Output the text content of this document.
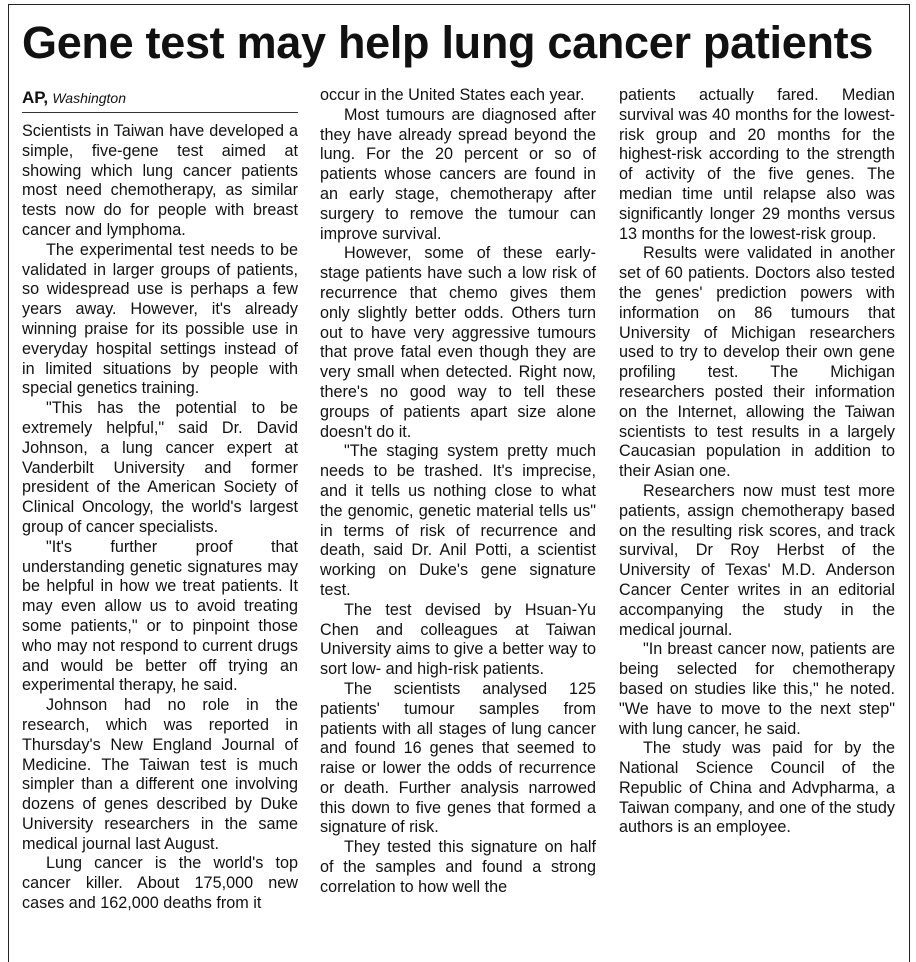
Gene test may help lung cancer patients
AP, Washington

Scientists in Taiwan have developed a simple, five-gene test aimed at showing which lung cancer patients most need chemotherapy, as similar tests now do for people with breast cancer and lymphoma.

The experimental test needs to be validated in larger groups of patients, so widespread use is perhaps a few years away. However, it's already winning praise for its possible use in everyday hospital settings instead of in limited situations by people with special genetics training.

"This has the potential to be extremely helpful," said Dr. David Johnson, a lung cancer expert at Vanderbilt University and former president of the American Society of Clinical Oncology, the world's largest group of cancer specialists.

"It's further proof that understanding genetic signatures may be helpful in how we treat patients. It may even allow us to avoid treating some patients," or to pinpoint those who may not respond to current drugs and would be better off trying an experimental therapy, he said.

Johnson had no role in the research, which was reported in Thursday's New England Journal of Medicine. The Taiwan test is much simpler than a different one involving dozens of genes described by Duke University researchers in the same medical journal last August.

Lung cancer is the world's top cancer killer. About 175,000 new cases and 162,000 deaths from it

occur in the United States each year.

Most tumours are diagnosed after they have already spread beyond the lung. For the 20 percent or so of patients whose cancers are found in an early stage, chemotherapy after surgery to remove the tumour can improve survival.

However, some of these early-stage patients have such a low risk of recurrence that chemo gives them only slightly better odds. Others turn out to have very aggressive tumours that prove fatal even though they are very small when detected. Right now, there's no good way to tell these groups of patients apart size alone doesn't do it.

"The staging system pretty much needs to be trashed. It's imprecise, and it tells us nothing close to what the genomic, genetic material tells us" in terms of risk of recurrence and death, said Dr. Anil Potti, a scientist working on Duke's gene signature test.

The test devised by Hsuan-Yu Chen and colleagues at Taiwan University aims to give a better way to sort low- and high-risk patients.

The scientists analysed 125 patients' tumour samples from patients with all stages of lung cancer and found 16 genes that seemed to raise or lower the odds of recurrence or death. Further analysis narrowed this down to five genes that formed a signature of risk.

They tested this signature on half of the samples and found a strong correlation to how well the

patients actually fared. Median survival was 40 months for the lowest-risk group and 20 months for the highest-risk according to the strength of activity of the five genes. The median time until relapse also was significantly longer 29 months versus 13 months for the lowest-risk group.

Results were validated in another set of 60 patients. Doctors also tested the genes' prediction powers with information on 86 tumours that University of Michigan researchers used to try to develop their own gene profiling test. The Michigan researchers posted their information on the Internet, allowing the Taiwan scientists to test results in a largely Caucasian population in addition to their Asian one.

Researchers now must test more patients, assign chemotherapy based on the resulting risk scores, and track survival, Dr Roy Herbst of the University of Texas' M.D. Anderson Cancer Center writes in an editorial accompanying the study in the medical journal.

"In breast cancer now, patients are being selected for chemotherapy based on studies like this," he noted. "We have to move to the next step" with lung cancer, he said.

The study was paid for by the National Science Council of the Republic of China and Advpharma, a Taiwan company, and one of the study authors is an employee.
